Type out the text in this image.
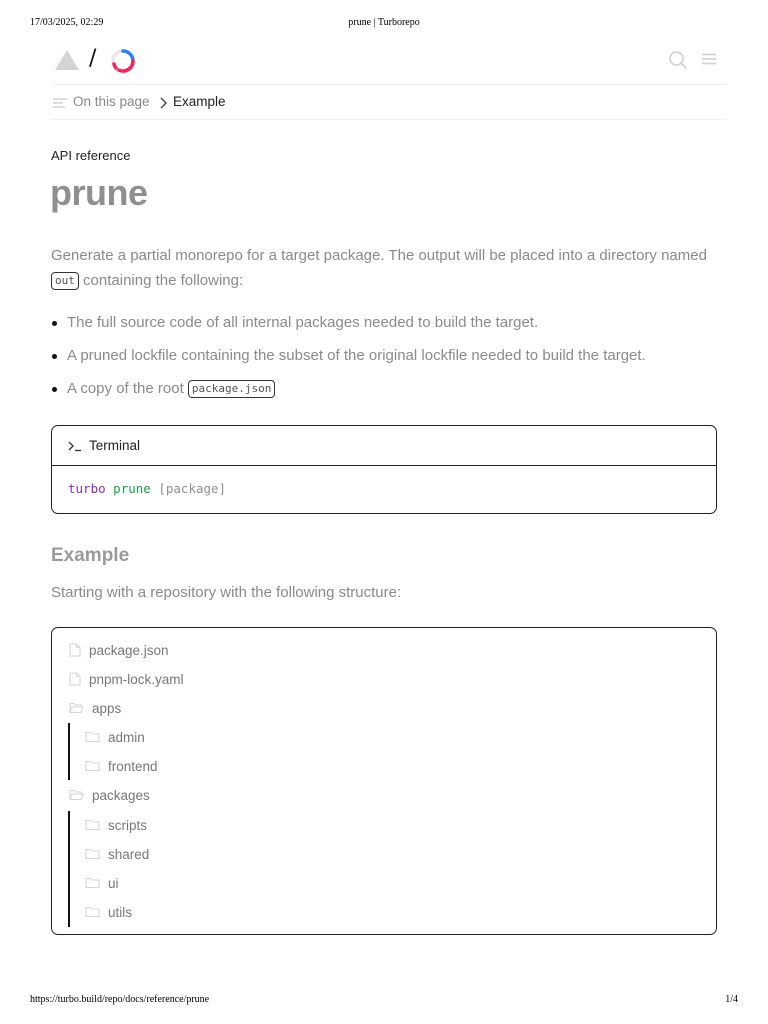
17/03/2025, 02:29	prune | Turborepo
/
On this page Example
API reference
prune

Generate a partial monorepo for a target package. The output will be placed into a directory named out containing the following:

The full source code of all internal packages needed to build the target.
A pruned lockfile containing the subset of the original lockfile needed to build the target.
A copy of the root package.json
Terminal
turbo prune [package]
Example

Starting with a repository with the following structure:

package.json
pnpm-lock.yaml
apps
admin
frontend
packages
scripts
shared
ui
utils
https://turbo.build/repo/docs/reference/prune	1/4
